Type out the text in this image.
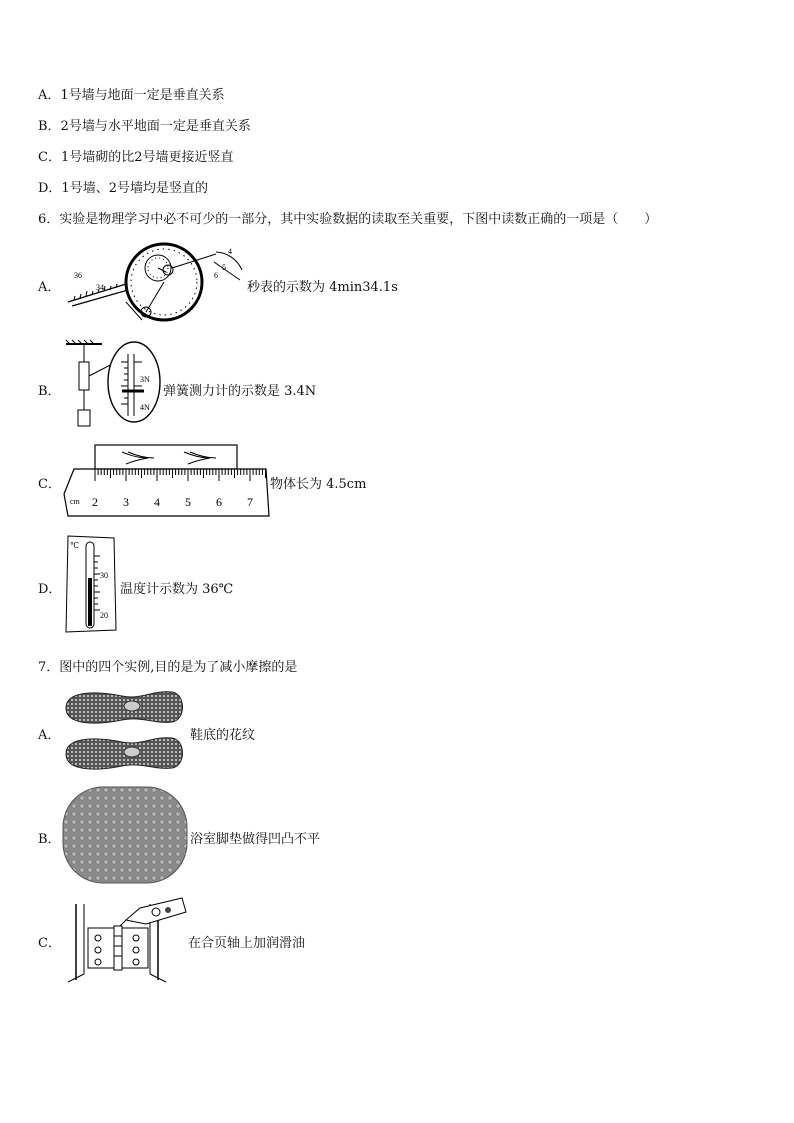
A．1号墙与地面一定是垂直关系
B．2号墙与水平地面一定是垂直关系
C．1号墙砌的比2号墙更接近竖直
D．1号墙、2号墙均是竖直的
6．实验是物理学习中必不可少的一部分，其中实验数据的读取至关重要，下图中读数正确的一项是（　　）
A．
36
34
4
5
6
秒表的示数为 4min34.1s
B．
3N
4N
弹簧测力计的示数是 3.4N
C．
cm 2 3 4 5 6 7
物体长为 4.5cm
D．
℃
30
20
温度计示数为 36℃
7．图中的四个实例,目的是为了减小摩擦的是
A．	鞋底的花纹
B．	浴室脚垫做得凹凸不平
C．	在合页轴上加润滑油
